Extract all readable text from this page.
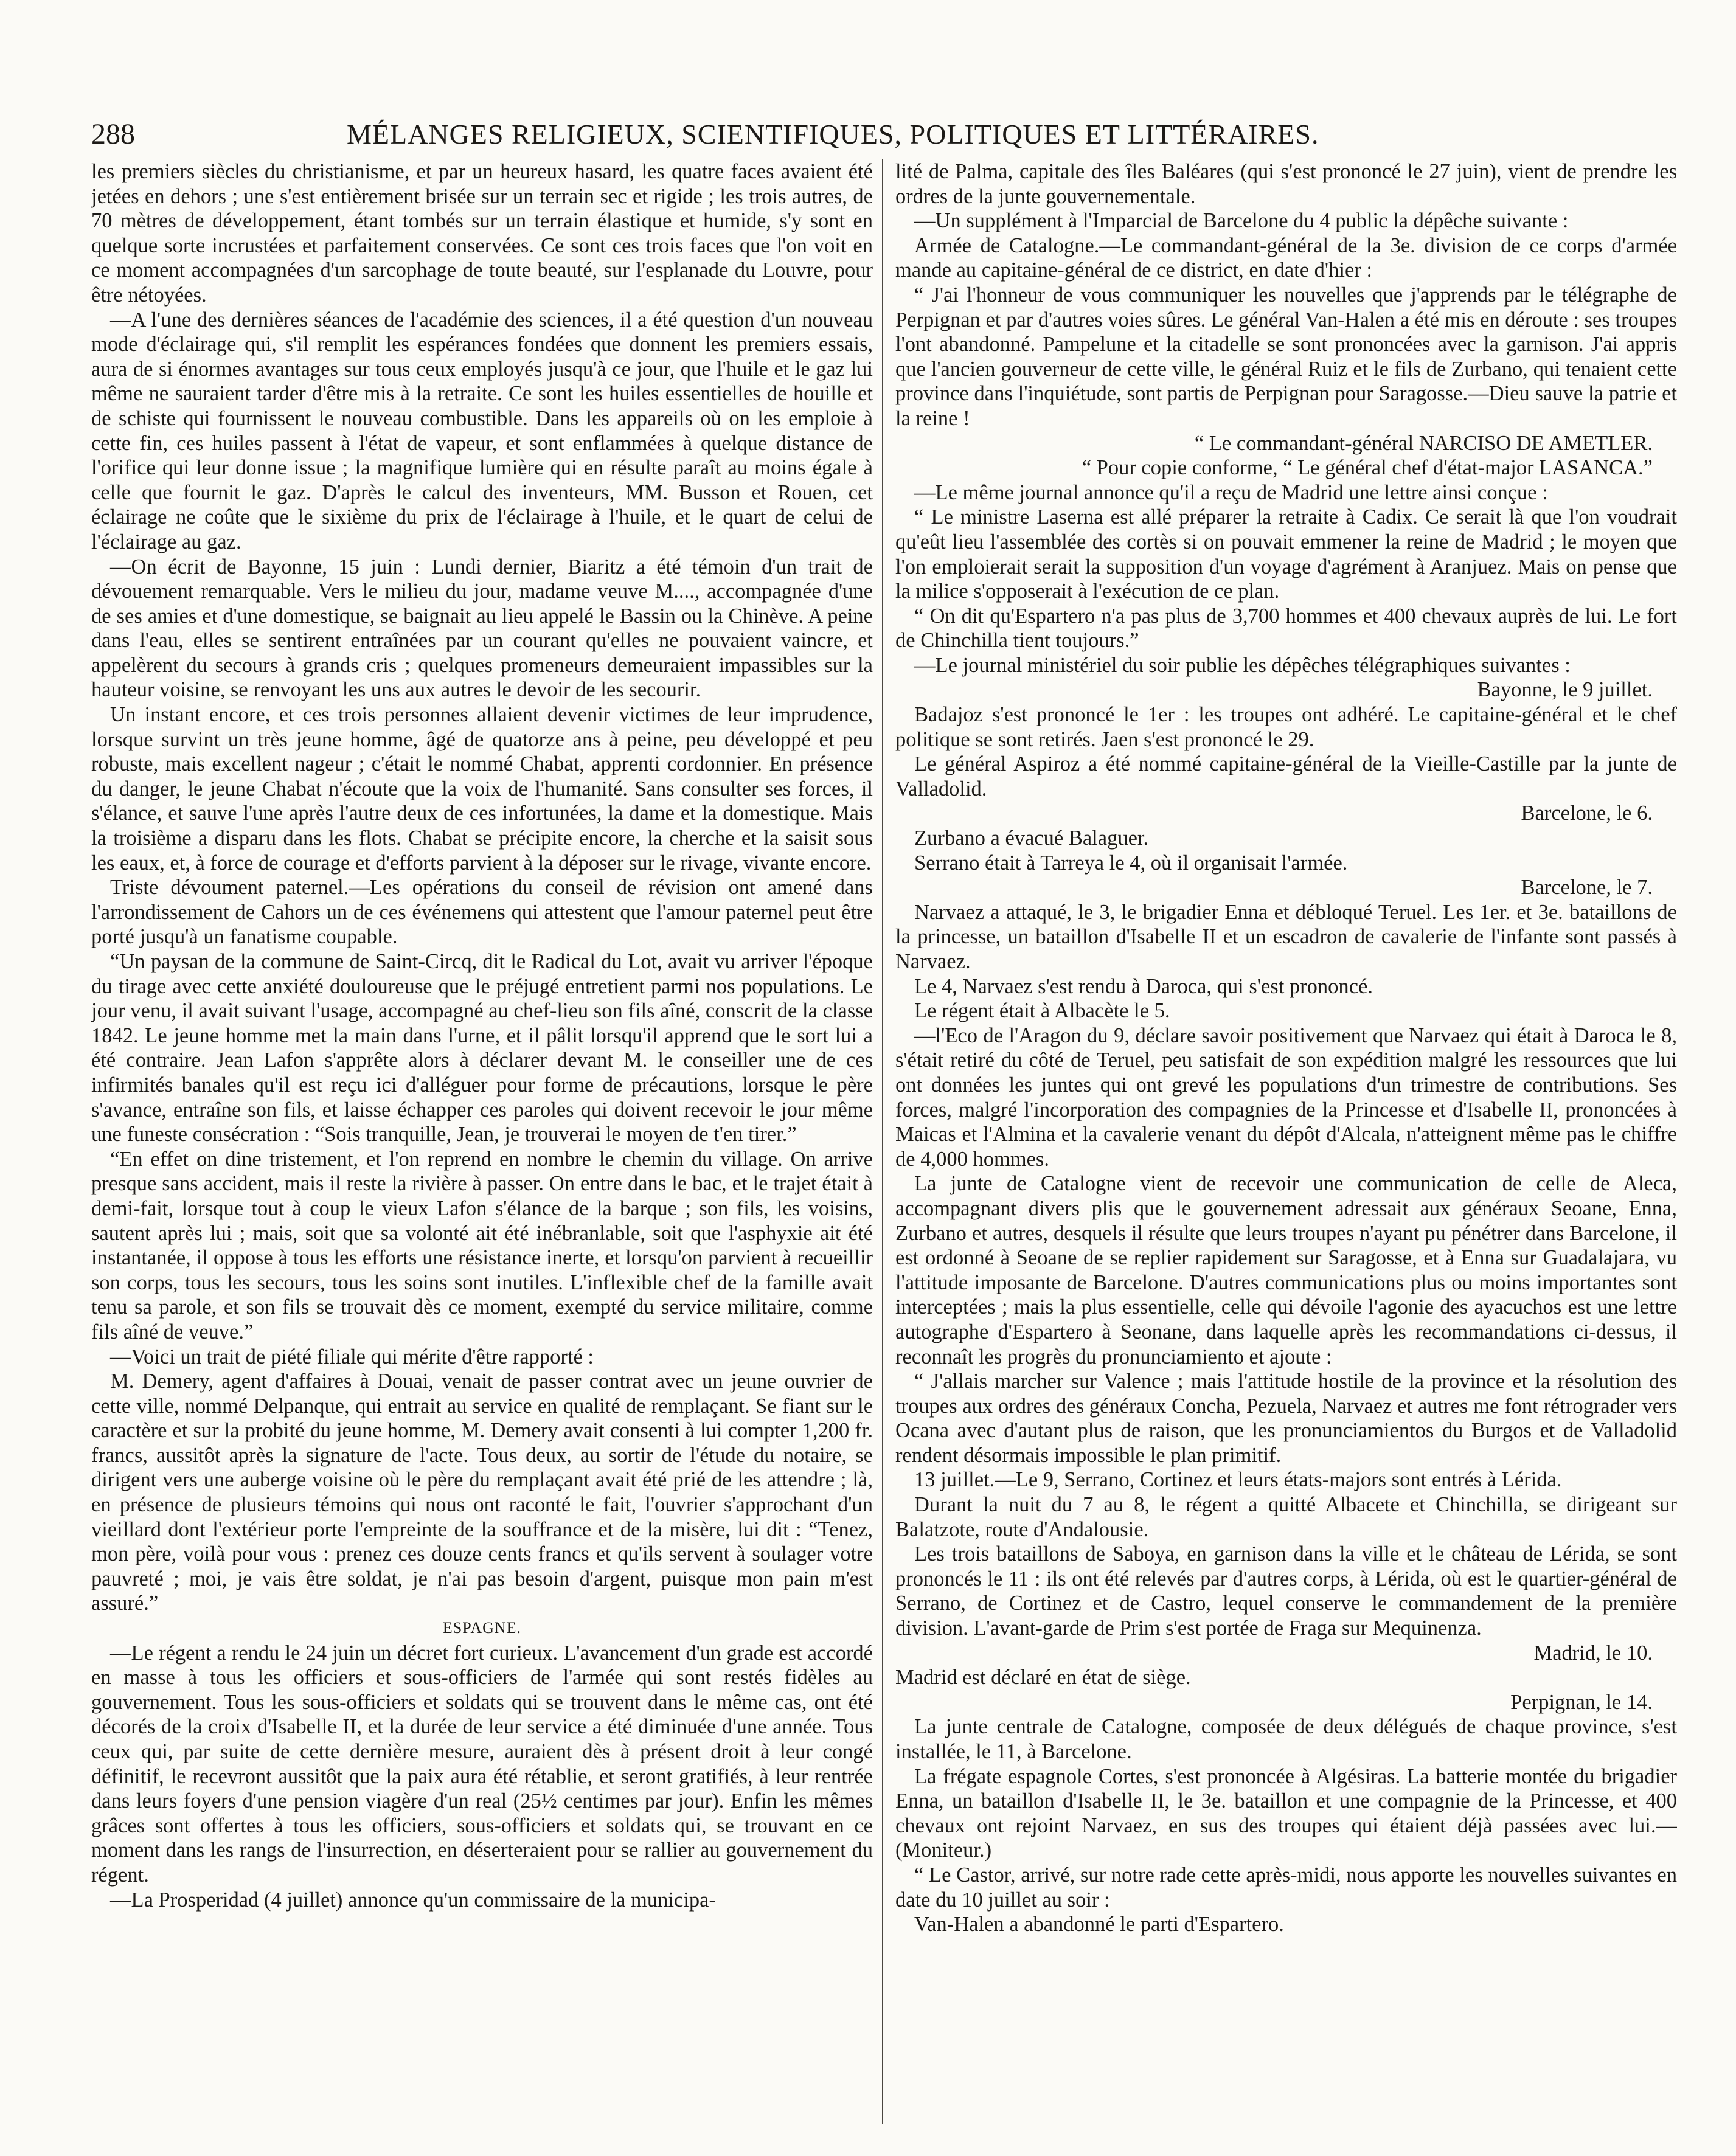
288	MÉLANGES RELIGIEUX, SCIENTIFIQUES, POLITIQUES ET LITTÉRAIRES.

les premiers siècles du christianisme, et par un heureux hasard, les quatre faces avaient été jetées en dehors ; une s'est entièrement brisée sur un terrain sec et rigide ; les trois autres, de 70 mètres de développement, étant tombés sur un terrain élastique et humide, s'y sont en quelque sorte incrustées et parfaitement conservées. Ce sont ces trois faces que l'on voit en ce moment accompagnées d'un sarcophage de toute beauté, sur l'esplanade du Louvre, pour être nétoyées.

—A l'une des dernières séances de l'académie des sciences, il a été question d'un nouveau mode d'éclairage qui, s'il remplit les espérances fondées que donnent les premiers essais, aura de si énormes avantages sur tous ceux employés jusqu'à ce jour, que l'huile et le gaz lui même ne sauraient tarder d'être mis à la retraite. Ce sont les huiles essentielles de houille et de schiste qui fournissent le nouveau combustible. Dans les appareils où on les emploie à cette fin, ces huiles passent à l'état de vapeur, et sont enflammées à quelque distance de l'orifice qui leur donne issue ; la magnifique lumière qui en résulte paraît au moins égale à celle que fournit le gaz. D'après le calcul des inventeurs, MM. Busson et Rouen, cet éclairage ne coûte que le sixième du prix de l'éclairage à l'huile, et le quart de celui de l'éclairage au gaz.

—On écrit de Bayonne, 15 juin : Lundi dernier, Biaritz a été témoin d'un trait de dévouement remarquable. Vers le milieu du jour, madame veuve M...., accompagnée d'une de ses amies et d'une domestique, se baignait au lieu appelé le Bassin ou la Chinève. A peine dans l'eau, elles se sentirent entraînées par un courant qu'elles ne pouvaient vaincre, et appelèrent du secours à grands cris ; quelques promeneurs demeuraient impassibles sur la hauteur voisine, se renvoyant les uns aux autres le devoir de les secourir.

Un instant encore, et ces trois personnes allaient devenir victimes de leur imprudence, lorsque survint un très jeune homme, âgé de quatorze ans à peine, peu développé et peu robuste, mais excellent nageur ; c'était le nommé Chabat, apprenti cordonnier. En présence du danger, le jeune Chabat n'écoute que la voix de l'humanité. Sans consulter ses forces, il s'élance, et sauve l'une après l'autre deux de ces infortunées, la dame et la domestique. Mais la troisième a disparu dans les flots. Chabat se précipite encore, la cherche et la saisit sous les eaux, et, à force de courage et d'efforts parvient à la déposer sur le rivage, vivante encore.

Triste dévoument paternel.—Les opérations du conseil de révision ont amené dans l'arrondissement de Cahors un de ces événemens qui attestent que l'amour paternel peut être porté jusqu'à un fanatisme coupable.

“Un paysan de la commune de Saint-Circq, dit le Radical du Lot, avait vu arriver l'époque du tirage avec cette anxiété douloureuse que le préjugé entretient parmi nos populations. Le jour venu, il avait suivant l'usage, accompagné au chef-lieu son fils aîné, conscrit de la classe 1842. Le jeune homme met la main dans l'urne, et il pâlit lorsqu'il apprend que le sort lui a été contraire. Jean Lafon s'apprête alors à déclarer devant M. le conseiller une de ces infirmités banales qu'il est reçu ici d'alléguer pour forme de précautions, lorsque le père s'avance, entraîne son fils, et laisse échapper ces paroles qui doivent recevoir le jour même une funeste consécration : “Sois tranquille, Jean, je trouverai le moyen de t'en tirer.”

“En effet on dine tristement, et l'on reprend en nombre le chemin du village. On arrive presque sans accident, mais il reste la rivière à passer. On entre dans le bac, et le trajet était à demi-fait, lorsque tout à coup le vieux Lafon s'élance de la barque ; son fils, les voisins, sautent après lui ; mais, soit que sa volonté ait été inébranlable, soit que l'asphyxie ait été instantanée, il oppose à tous les efforts une résistance inerte, et lorsqu'on parvient à recueillir son corps, tous les secours, tous les soins sont inutiles. L'inflexible chef de la famille avait tenu sa parole, et son fils se trouvait dès ce moment, exempté du service militaire, comme fils aîné de veuve.”

—Voici un trait de piété filiale qui mérite d'être rapporté :

M. Demery, agent d'affaires à Douai, venait de passer contrat avec un jeune ouvrier de cette ville, nommé Delpanque, qui entrait au service en qualité de remplaçant. Se fiant sur le caractère et sur la probité du jeune homme, M. Demery avait consenti à lui compter 1,200 fr. francs, aussitôt après la signature de l'acte. Tous deux, au sortir de l'étude du notaire, se dirigent vers une auberge voisine où le père du remplaçant avait été prié de les attendre ; là, en présence de plusieurs témoins qui nous ont raconté le fait, l'ouvrier s'approchant d'un vieillard dont l'extérieur porte l'empreinte de la souffrance et de la misère, lui dit : “Tenez, mon père, voilà pour vous : prenez ces douze cents francs et qu'ils servent à soulager votre pauvreté ; moi, je vais être soldat, je n'ai pas besoin d'argent, puisque mon pain m'est assuré.”

ESPAGNE.

—Le régent a rendu le 24 juin un décret fort curieux. L'avancement d'un grade est accordé en masse à tous les officiers et sous-officiers de l'armée qui sont restés fidèles au gouvernement. Tous les sous-officiers et soldats qui se trouvent dans le même cas, ont été décorés de la croix d'Isabelle II, et la durée de leur service a été diminuée d'une année. Tous ceux qui, par suite de cette dernière mesure, auraient dès à présent droit à leur congé définitif, le recevront aussitôt que la paix aura été rétablie, et seront gratifiés, à leur rentrée dans leurs foyers d'une pension viagère d'un real (25½ centimes par jour). Enfin les mêmes grâces sont offertes à tous les officiers, sous-officiers et soldats qui, se trouvant en ce moment dans les rangs de l'insurrection, en déserteraient pour se rallier au gouvernement du régent.

—La Prosperidad (4 juillet) annonce qu'un commissaire de la municipa-

lité de Palma, capitale des îles Baléares (qui s'est prononcé le 27 juin), vient de prendre les ordres de la junte gouvernementale.

—Un supplément à l'Imparcial de Barcelone du 4 public la dépêche suivante :

Armée de Catalogne.—Le commandant-général de la 3e. division de ce corps d'armée mande au capitaine-général de ce district, en date d'hier :

“ J'ai l'honneur de vous communiquer les nouvelles que j'apprends par le télégraphe de Perpignan et par d'autres voies sûres. Le général Van-Halen a été mis en déroute : ses troupes l'ont abandonné. Pampelune et la citadelle se sont prononcées avec la garnison. J'ai appris que l'ancien gouverneur de cette ville, le général Ruiz et le fils de Zurbano, qui tenaient cette province dans l'inquiétude, sont partis de Perpignan pour Saragosse.—Dieu sauve la patrie et la reine !

“ Le commandant-général NARCISO DE AMETLER.

“ Pour copie conforme, “ Le général chef d'état-major LASANCA.”

—Le même journal annonce qu'il a reçu de Madrid une lettre ainsi conçue :

“ Le ministre Laserna est allé préparer la retraite à Cadix. Ce serait là que l'on voudrait qu'eût lieu l'assemblée des cortès si on pouvait emmener la reine de Madrid ; le moyen que l'on emploierait serait la supposition d'un voyage d'agrément à Aranjuez. Mais on pense que la milice s'opposerait à l'exécution de ce plan.

“ On dit qu'Espartero n'a pas plus de 3,700 hommes et 400 chevaux auprès de lui. Le fort de Chinchilla tient toujours.”

—Le journal ministériel du soir publie les dépêches télégraphiques suivantes :

Bayonne, le 9 juillet.

Badajoz s'est prononcé le 1er : les troupes ont adhéré. Le capitaine-général et le chef politique se sont retirés. Jaen s'est prononcé le 29.

Le général Aspiroz a été nommé capitaine-général de la Vieille-Castille par la junte de Valladolid.

Barcelone, le 6.

Zurbano a évacué Balaguer.

Serrano était à Tarreya le 4, où il organisait l'armée.

Barcelone, le 7.

Narvaez a attaqué, le 3, le brigadier Enna et débloqué Teruel. Les 1er. et 3e. bataillons de la princesse, un bataillon d'Isabelle II et un escadron de cavalerie de l'infante sont passés à Narvaez.

Le 4, Narvaez s'est rendu à Daroca, qui s'est prononcé.

Le régent était à Albacète le 5.

—l'Eco de l'Aragon du 9, déclare savoir positivement que Narvaez qui était à Daroca le 8, s'était retiré du côté de Teruel, peu satisfait de son expédition malgré les ressources que lui ont données les juntes qui ont grevé les populations d'un trimestre de contributions. Ses forces, malgré l'incorporation des compagnies de la Princesse et d'Isabelle II, prononcées à Maicas et l'Almina et la cavalerie venant du dépôt d'Alcala, n'atteignent même pas le chiffre de 4,000 hommes.

La junte de Catalogne vient de recevoir une communication de celle de Aleca, accompagnant divers plis que le gouvernement adressait aux généraux Seoane, Enna, Zurbano et autres, desquels il résulte que leurs troupes n'ayant pu pénétrer dans Barcelone, il est ordonné à Seoane de se replier rapidement sur Saragosse, et à Enna sur Guadalajara, vu l'attitude imposante de Barcelone. D'autres communications plus ou moins importantes sont interceptées ; mais la plus essentielle, celle qui dévoile l'agonie des ayacuchos est une lettre autographe d'Espartero à Seonane, dans laquelle après les recommandations ci-dessus, il reconnaît les progrès du pronunciamiento et ajoute :

“ J'allais marcher sur Valence ; mais l'attitude hostile de la province et la résolution des troupes aux ordres des généraux Concha, Pezuela, Narvaez et autres me font rétrograder vers Ocana avec d'autant plus de raison, que les pronunciamientos du Burgos et de Valladolid rendent désormais impossible le plan primitif.

13 juillet.—Le 9, Serrano, Cortinez et leurs états-majors sont entrés à Lérida.

Durant la nuit du 7 au 8, le régent a quitté Albacete et Chinchilla, se dirigeant sur Balatzote, route d'Andalousie.

Les trois bataillons de Saboya, en garnison dans la ville et le château de Lérida, se sont prononcés le 11 : ils ont été relevés par d'autres corps, à Lérida, où est le quartier-général de Serrano, de Cortinez et de Castro, lequel conserve le commandement de la première division. L'avant-garde de Prim s'est portée de Fraga sur Mequinenza.

Madrid, le 10.

Madrid est déclaré en état de siège.

Perpignan, le 14.

La junte centrale de Catalogne, composée de deux délégués de chaque province, s'est installée, le 11, à Barcelone.

La frégate espagnole Cortes, s'est prononcée à Algésiras. La batterie montée du brigadier Enna, un bataillon d'Isabelle II, le 3e. bataillon et une compagnie de la Princesse, et 400 chevaux ont rejoint Narvaez, en sus des troupes qui étaient déjà passées avec lui.—(Moniteur.)

“ Le Castor, arrivé, sur notre rade cette après-midi, nous apporte les nouvelles suivantes en date du 10 juillet au soir :

Van-Halen a abandonné le parti d'Espartero.
